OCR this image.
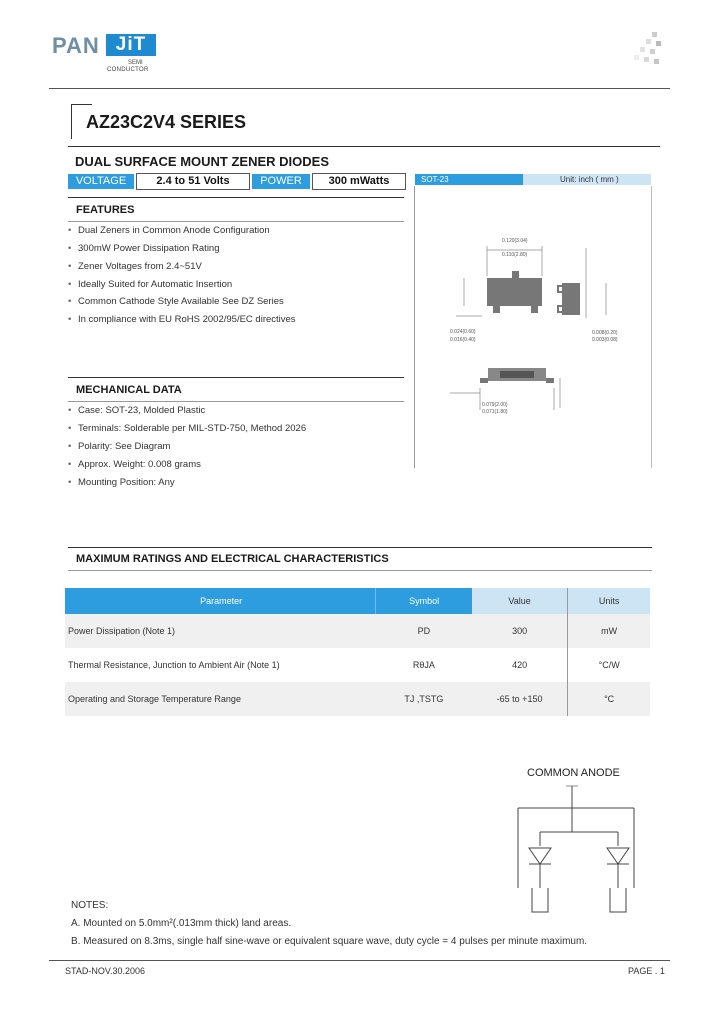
PAN JiT
SEMI
CONDUCTOR
AZ23C2V4 SERIES
DUAL SURFACE MOUNT ZENER DIODES
VOLTAGE	2.4 to 51 Volts	POWER	300 mWatts	SOT-23	Unit: inch ( mm )
0.120(3.04)
0.110(2.80)
0.024(0.60)
0.016(0.40)
0.008(0.20)
0.003(0.08)
0.079(2.00)
0.071(1.80)
FEATURES
• Dual Zeners in Common Anode Configuration
• 300mW Power Dissipation Rating
• Zener Voltages from 2.4~51V
• Ideally Suited for Automatic Insertion
• Common Cathode Style Available See DZ Series
• In compliance with EU RoHS 2002/95/EC directives
MECHANICAL DATA
• Case: SOT-23, Molded Plastic
• Terminals: Solderable per MIL-STD-750, Method 2026
• Polarity: See Diagram
• Approx. Weight: 0.008 grams
• Mounting Position: Any
MAXIMUM RATINGS AND ELECTRICAL CHARACTERISTICS
Parameter	Symbol	Value	Units
Power Dissipation (Note 1)	PD	300	mW
Thermal Resistance, Junction to Ambient Air (Note 1)	RθJA	420	°C/W
Operating and Storage Temperature Range	TJ ,TSTG	-65 to +150	°C
COMMON ANODE
NOTES:
A. Mounted on 5.0mm²(.013mm thick) land areas.
B. Measured on 8.3ms, single half sine-wave or equivalent square wave, duty cycle = 4 pulses per minute maximum.
STAD-NOV.30.2006	PAGE . 1
